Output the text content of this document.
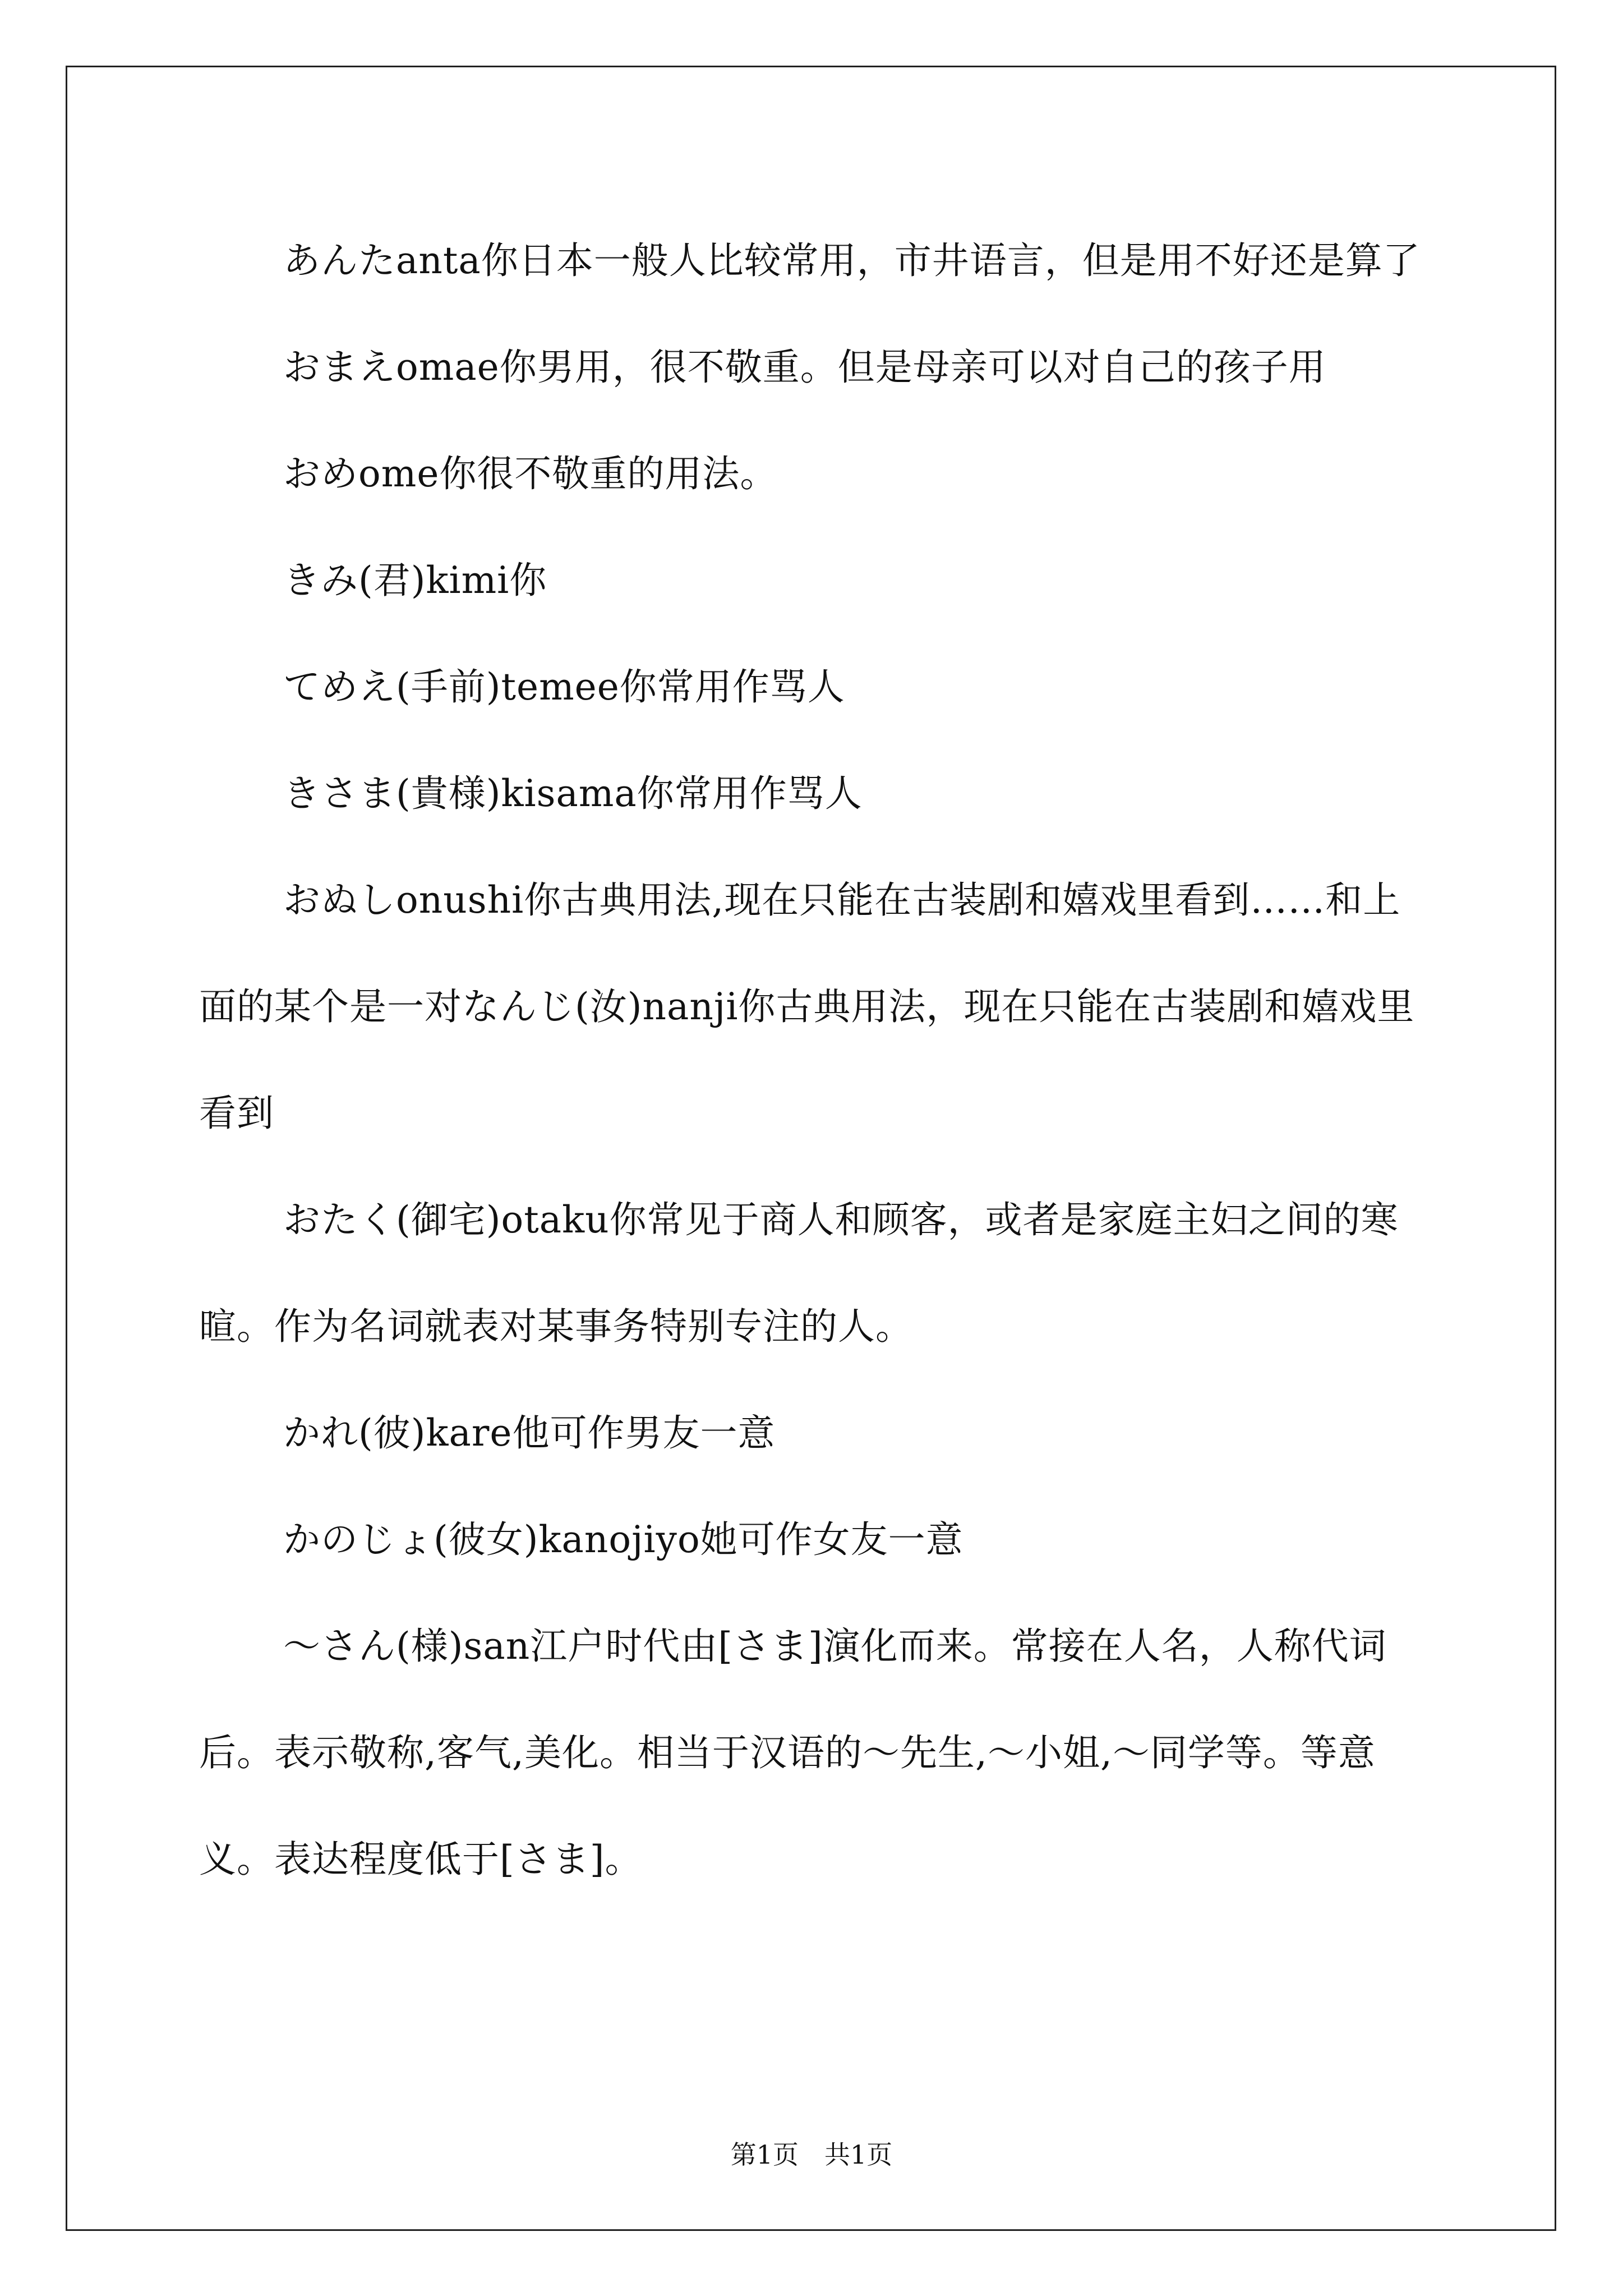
あんたanta你日本一般人比较常用，市井语言，但是用不好还是算了

おまえomae你男用，很不敬重。但是母亲可以对自己的孩子用

おめome你很不敬重的用法。

きみ(君)kimi你

てめえ(手前)temee你常用作骂人

きさま(貴様)kisama你常用作骂人

おぬしonushi你古典用法,现在只能在古装剧和嬉戏里看到……和上面的某个是一对なんじ(汝)nanji你古典用法，现在只能在古装剧和嬉戏里看到

おたく(御宅)otaku你常见于商人和顾客，或者是家庭主妇之间的寒暄。作为名词就表对某事务特别专注的人。

かれ(彼)kare他可作男友一意

かのじょ(彼女)kanojiyo她可作女友一意

～さん(様)san江户时代由[さま]演化而来。常接在人名，人称代词后。表示敬称,客气,美化。相当于汉语的～先生,～小姐,～同学等。等意义。表达程度低于[さま]。

第1页　共1页
